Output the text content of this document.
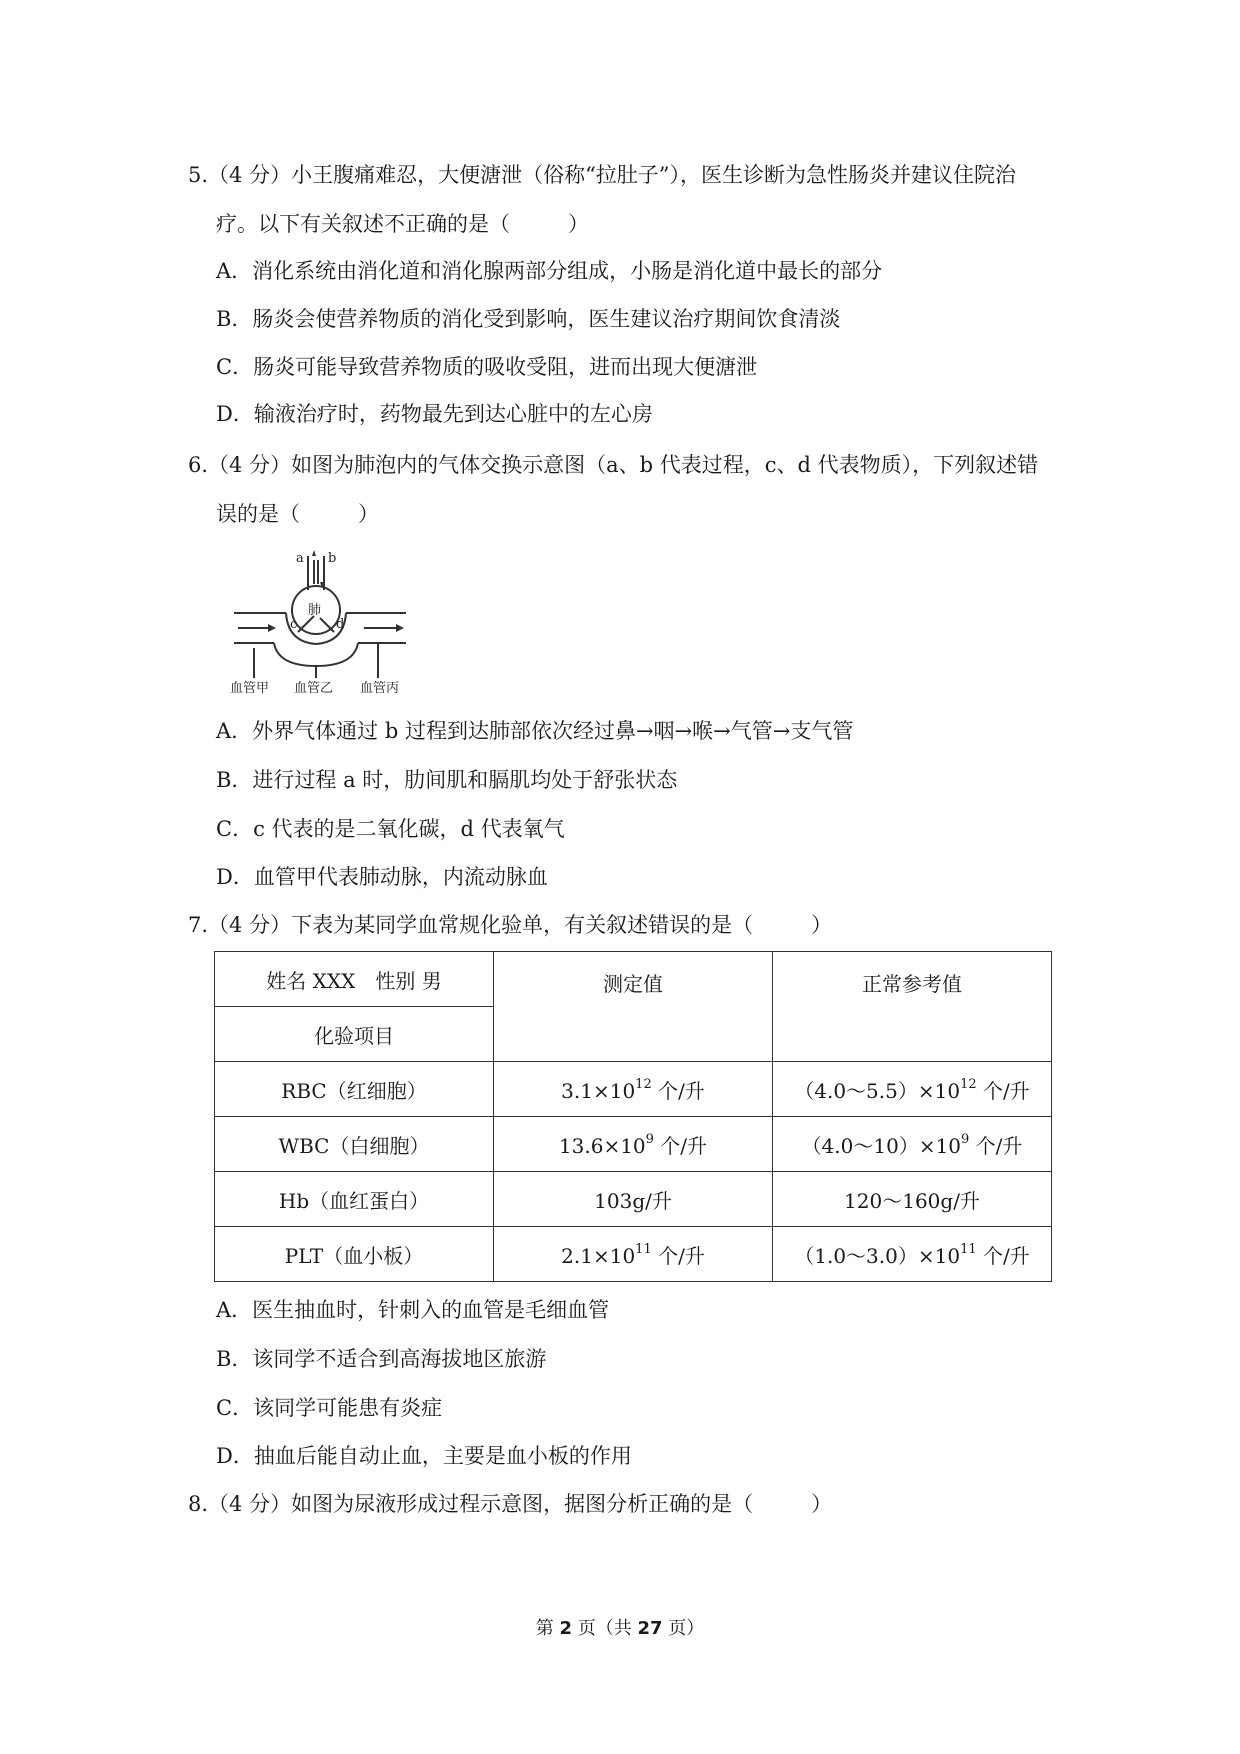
5.（4 分）小王腹痛难忍，大便溏泄（俗称“拉肚子”），医生诊断为急性肠炎并建议住院治
疗。以下有关叙述不正确的是（	）
A．消化系统由消化道和消化腺两部分组成，小肠是消化道中最长的部分
B．肠炎会使营养物质的消化受到影响，医生建议治疗期间饮食清淡
C．肠炎可能导致营养物质的吸收受阻，进而出现大便溏泄
D．输液治疗时，药物最先到达心脏中的左心房
6.（4 分）如图为肺泡内的气体交换示意图（a、b 代表过程，c、d 代表物质），下列叙述错
误的是（	）
a b
肺
c	d
血管甲 血管乙 血管丙
A．外界气体通过 b 过程到达肺部依次经过鼻→咽→喉→气管→支气管
B．进行过程 a 时，肋间肌和膈肌均处于舒张状态
C．c 代表的是二氧化碳，d 代表氧气
D．血管甲代表肺动脉，内流动脉血
7.（4 分）下表为某同学血常规化验单，有关叙述错误的是（	）
姓名 XXX　性别 男	测定值	正常参考值
化验项目		
RBC（红细胞）	$3.1\times 10^{12}$ 个/升	$(4.0\sim 5.5)\times 10^{12}$ 个/升
WBC（白细胞）	$13.6\times 10^9$ 个/升	$(4.0\sim 10)\times 10^9$ 个/升
Hb（血红蛋白）	103g/升	120～160g/升
PLT（血小板）	$2.1\times 10^{11}$ 个/升	$(1.0\sim 3.0)\times 10^{11}$ 个/升
A．医生抽血时，针刺入的血管是毛细血管
B．该同学不适合到高海拔地区旅游
C．该同学可能患有炎症
D．抽血后能自动止血，主要是血小板的作用
8.（4 分）如图为尿液形成过程示意图，据图分析正确的是（	）
第 2 页（共 27 页）
